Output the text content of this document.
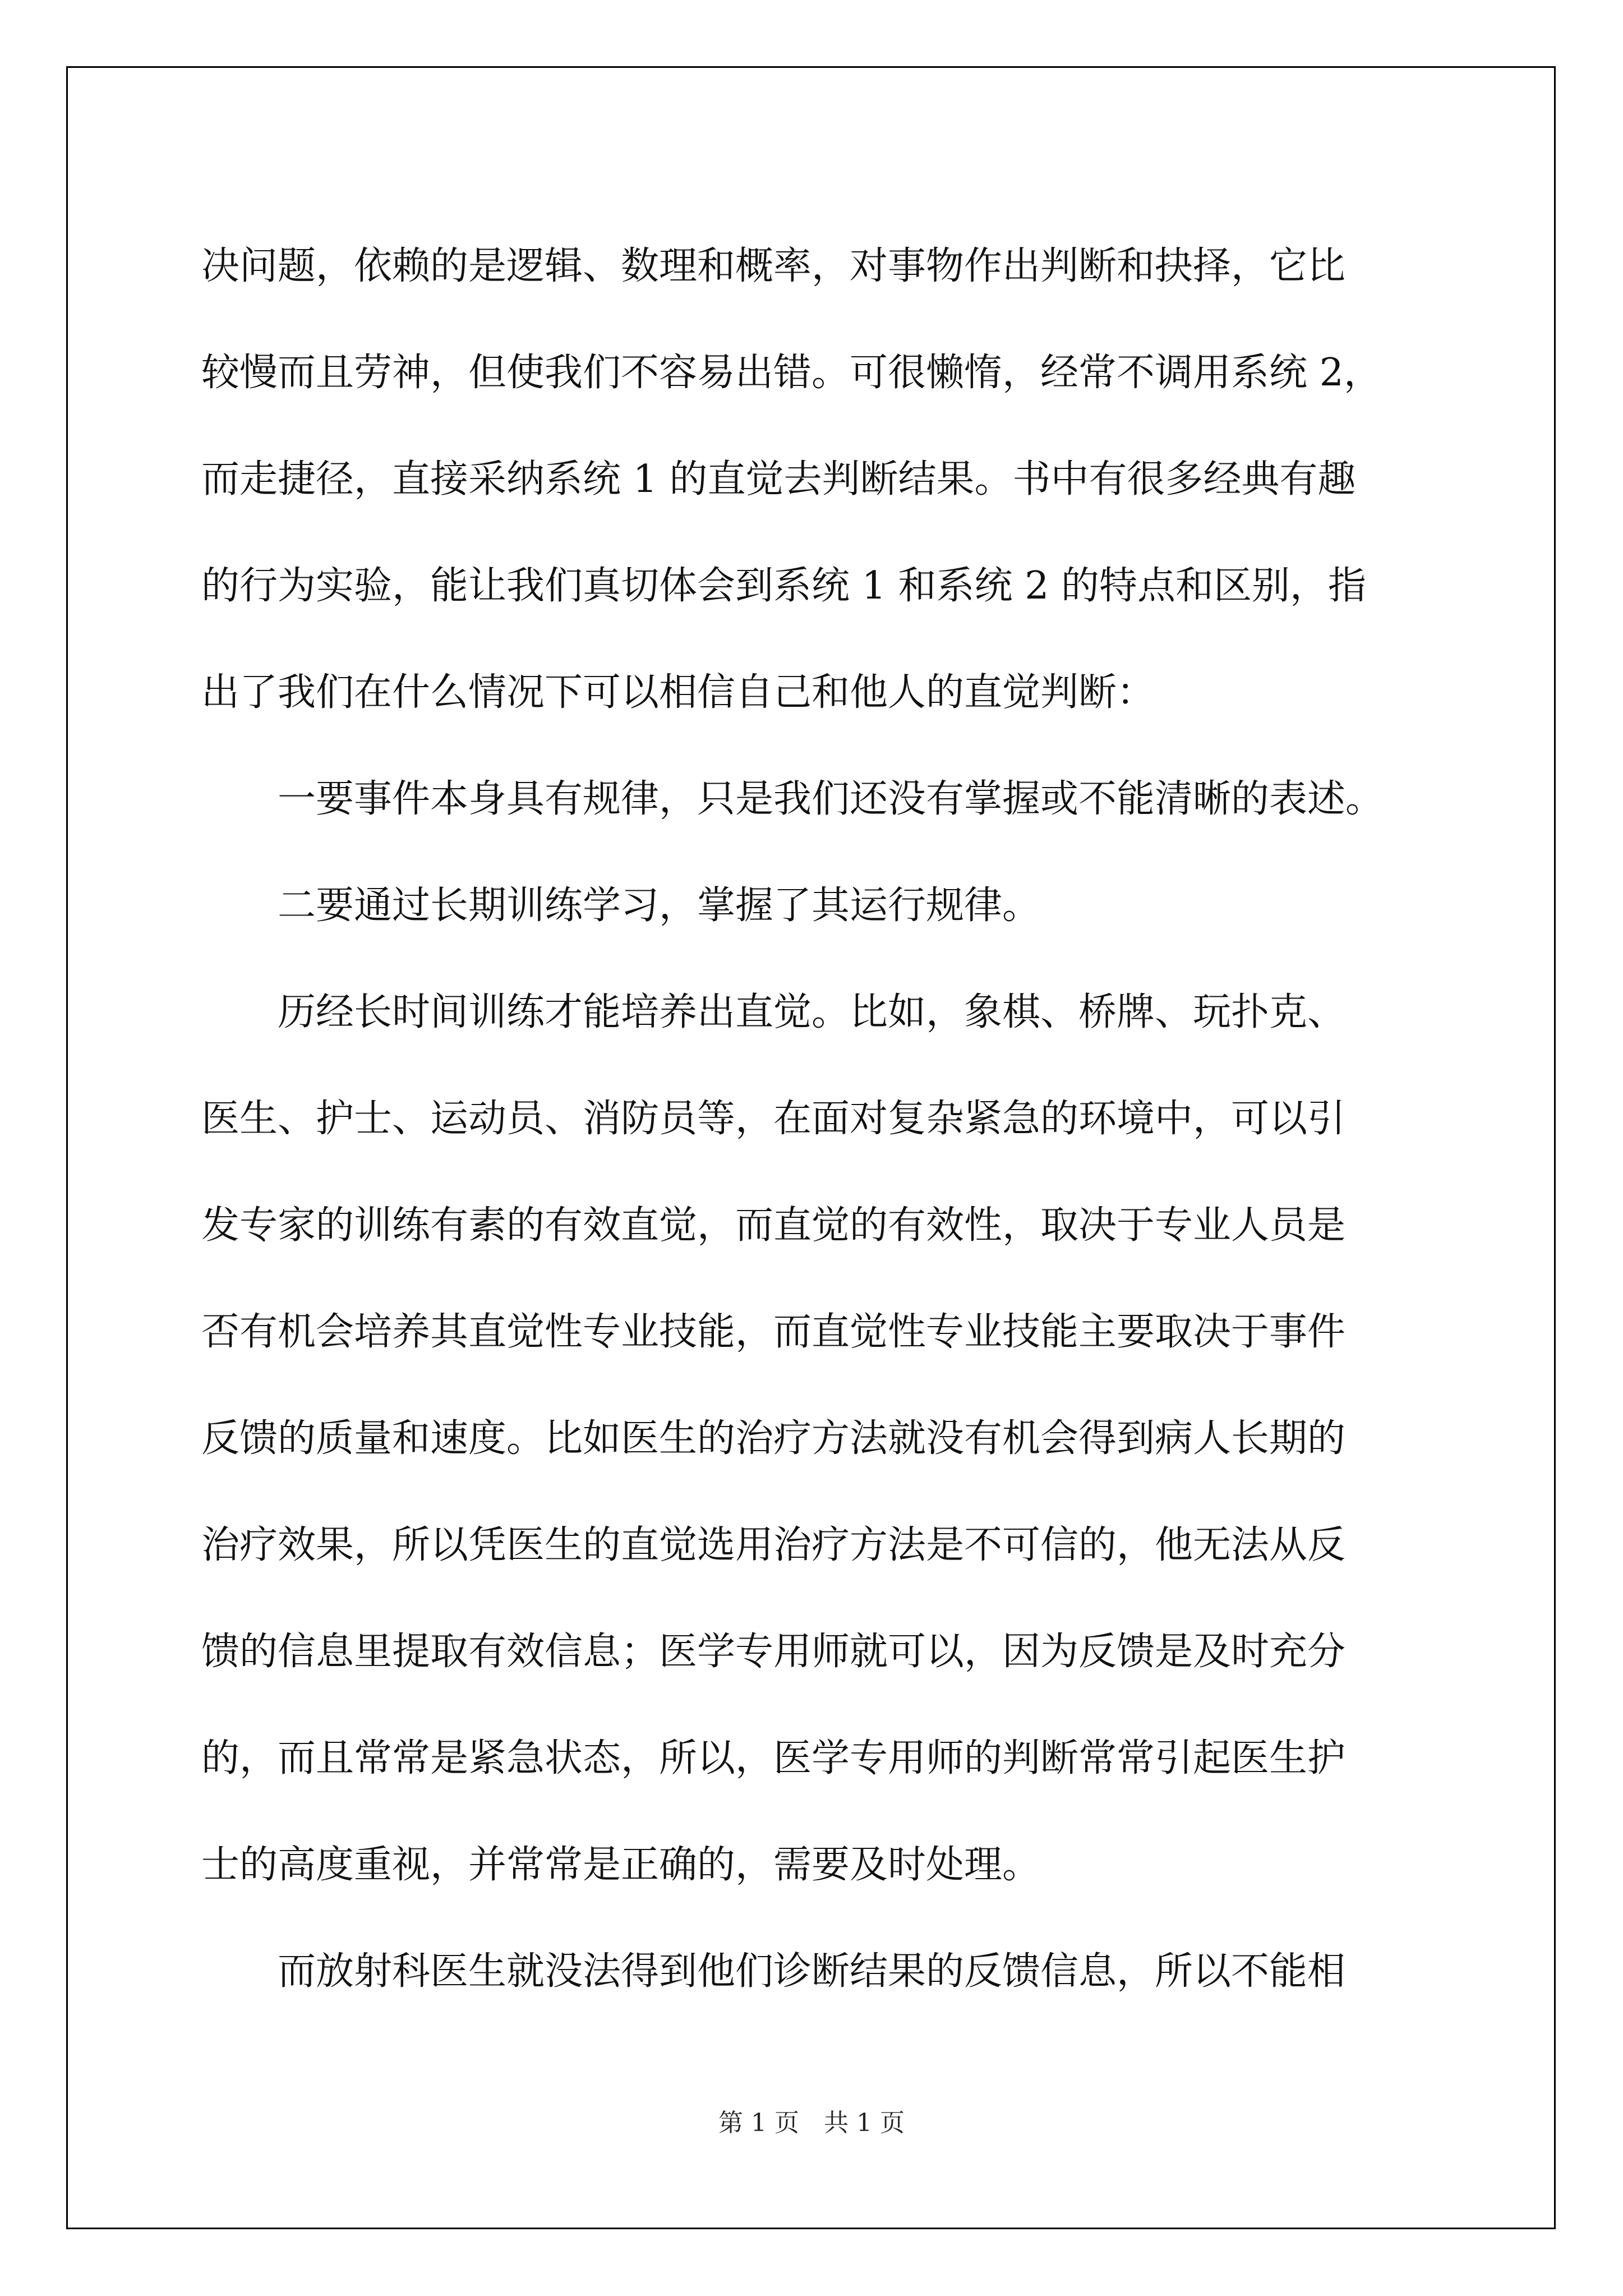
决问题，依赖的是逻辑、数理和概率，对事物作出判断和抉择，它比
较慢而且劳神，但使我们不容易出错。可很懒惰，经常不调用系统 2，
而走捷径，直接采纳系统 1 的直觉去判断结果。书中有很多经典有趣
的行为实验，能让我们真切体会到系统 1 和系统 2 的特点和区别，指
出了我们在什么情况下可以相信自己和他人的直觉判断：
　　一要事件本身具有规律，只是我们还没有掌握或不能清晰的表述。
　　二要通过长期训练学习，掌握了其运行规律。
　　历经长时间训练才能培养出直觉。比如，象棋、桥牌、玩扑克、
医生、护士、运动员、消防员等，在面对复杂紧急的环境中，可以引
发专家的训练有素的有效直觉，而直觉的有效性，取决于专业人员是
否有机会培养其直觉性专业技能，而直觉性专业技能主要取决于事件
反馈的质量和速度。比如医生的治疗方法就没有机会得到病人长期的
治疗效果，所以凭医生的直觉选用治疗方法是不可信的，他无法从反
馈的信息里提取有效信息；医学专用师就可以，因为反馈是及时充分
的，而且常常是紧急状态，所以，医学专用师的判断常常引起医生护
士的高度重视，并常常是正确的，需要及时处理。
　　而放射科医生就没法得到他们诊断结果的反馈信息，所以不能相
第 1 页　共 1 页
